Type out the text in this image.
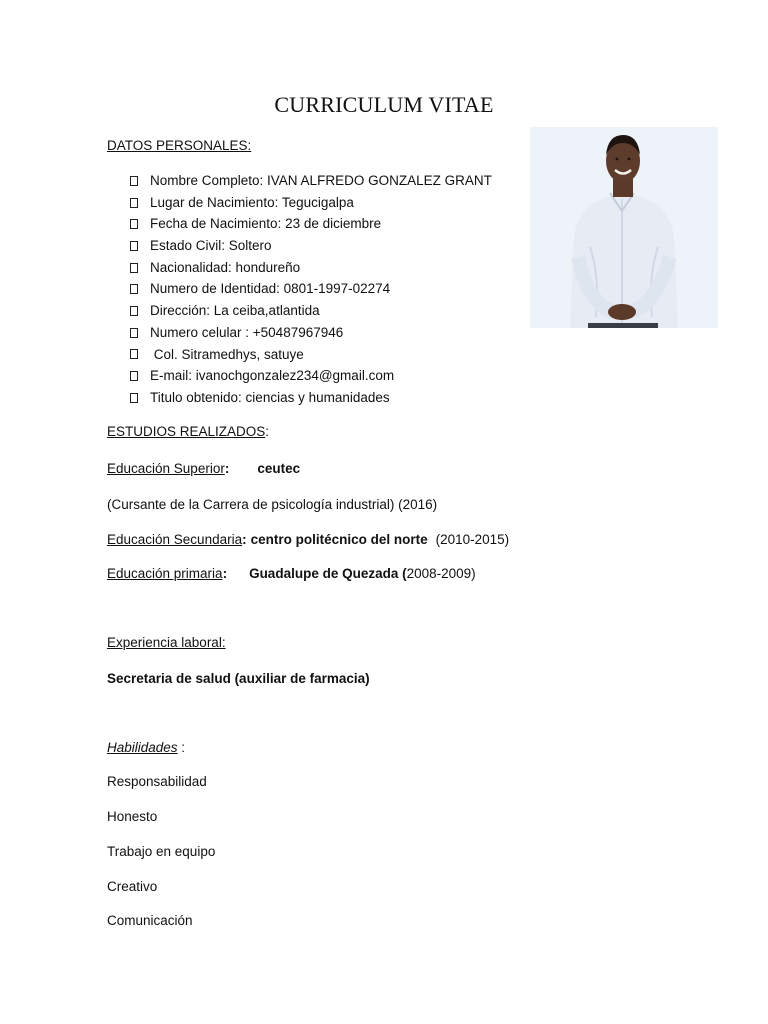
CURRICULUM VITAE
DATOS PERSONALES:
Nombre Completo: IVAN ALFREDO GONZALEZ GRANT
Lugar de Nacimiento: Tegucigalpa
Fecha de Nacimiento: 23 de diciembre
Estado Civil: Soltero
Nacionalidad: hondureño
Numero de Identidad: 0801-1997-02274
Dirección: La ceiba,atlantida
Numero celular : +50487967946
Col. Sitramedhys, satuye
E-mail: ivanochgonzalez234@gmail.com
Titulo obtenido: ciencias y humanidades
ESTUDIOS REALIZADOS:
Educación Superior: ceutec
(Cursante de la Carrera de psicología industrial) (2016)
Educación Secundaria: centro politécnico del norte (2010-2015)
Educación primaria: Guadalupe de Quezada (2008-2009)
Experiencia laboral:
Secretaria de salud (auxiliar de farmacia)
Habilidades :
Responsabilidad
Honesto
Trabajo en equipo
Creativo
Comunicación
